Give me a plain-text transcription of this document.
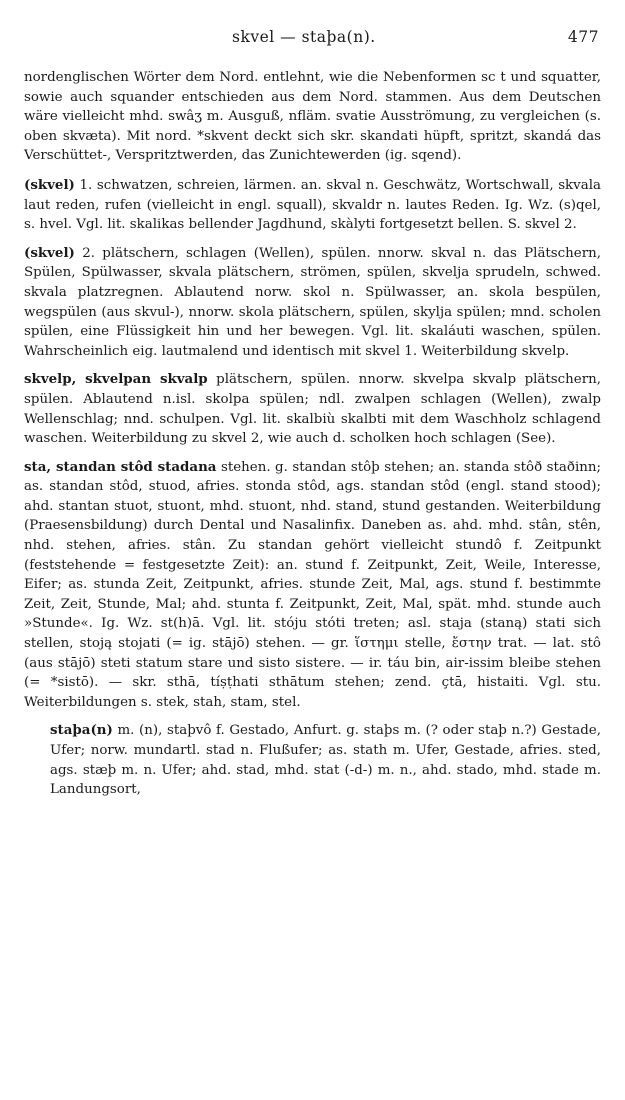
skvel — staþa(n).	477

nordenglischen Wörter dem Nord. entlehnt, wie die Nebenformen sc t und squatter, sowie auch squander entschieden aus dem Nord. stammen. Aus dem Deutschen wäre vielleicht mhd. swâʒ m. Ausguß, nfläm. svatie Ausströmung, zu vergleichen (s. oben skvæta). Mit nord. *skvent deckt sich skr. skandati hüpft, spritzt, skandá das Verschüttet-, Verspritztwerden, das Zunichtewerden (ig. sqend).

(skvel) 1. schwatzen, schreien, lärmen. an. skval n. Geschwätz, Wortschwall, skvala laut reden, rufen (vielleicht in engl. squall), skvaldr n. lautes Reden. Ig. Wz. (s)qel, s. hvel. Vgl. lit. skalikas bellender Jagdhund, skàlyti fortgesetzt bellen. S. skvel 2.

(skvel) 2. plätschern, schlagen (Wellen), spülen. nnorw. skval n. das Plätschern, Spülen, Spülwasser, skvala plätschern, strömen, spülen, skvelja sprudeln, schwed. skvala platzregnen. Ablautend norw. skol n. Spülwasser, an. skola bespülen, wegspülen (aus skvul-), nnorw. skola plätschern, spülen, skylja spülen; mnd. scholen spülen, eine Flüssigkeit hin und her bewegen. Vgl. lit. skaláuti waschen, spülen. Wahrscheinlich eig. lautmalend und identisch mit skvel 1. Weiterbildung skvelp.

skvelp, skvelpan skvalp plätschern, spülen. nnorw. skvelpa skvalp plätschern, spülen. Ablautend n.isl. skolpa spülen; ndl. zwalpen schlagen (Wellen), zwalp Wellenschlag; nnd. schulpen. Vgl. lit. skalbiù skalbti mit dem Waschholz schlagend waschen. Weiterbildung zu skvel 2, wie auch d. scholken hoch schlagen (See).

sta, standan stôd stadana stehen. g. standan stôþ stehen; an. standa stôð staðinn; as. standan stôd, stuod, afries. stonda stôd, ags. standan stôd (engl. stand stood); ahd. stantan stuot, stuont, mhd. stuont, nhd. stand, stund gestanden. Weiterbildung (Praesensbildung) durch Dental und Nasalinfix. Daneben as. ahd. mhd. stân, stên, nhd. stehen, afries. stân. Zu standan gehört vielleicht stundô f. Zeitpunkt (feststehende = festgesetzte Zeit): an. stund f. Zeitpunkt, Zeit, Weile, Interesse, Eifer; as. stunda Zeit, Zeitpunkt, afries. stunde Zeit, Mal, ags. stund f. bestimmte Zeit, Zeit, Stunde, Mal; ahd. stunta f. Zeitpunkt, Zeit, Mal, spät. mhd. stunde auch »Stunde«. Ig. Wz. st(h)ā. Vgl. lit. stóju stóti treten; asl. staja (staną) stati sich stellen, stoją stojati (= ig. stājō) stehen. — gr. ἵστημι stelle, ἔστην trat. — lat. stô (aus stājō) steti statum stare und sisto sistere. — ir. táu bin, air-issim bleibe stehen (= *sistō). — skr. sthā, tíṣṭhati sthātum stehen; zend. çtā, histaiti. Vgl. stu. Weiterbildungen s. stek, stah, stam, stel.

staþa(n) m. (n), staþvô f. Gestado, Anfurt. g. staþs m. (? oder staþ n.?) Gestade, Ufer; norw. mundartl. stad n. Flußufer; as. stath m. Ufer, Gestade, afries. sted, ags. stæþ m. n. Ufer; ahd. stad, mhd. stat (-d-) m. n., ahd. stado, mhd. stade m. Landungsort,
